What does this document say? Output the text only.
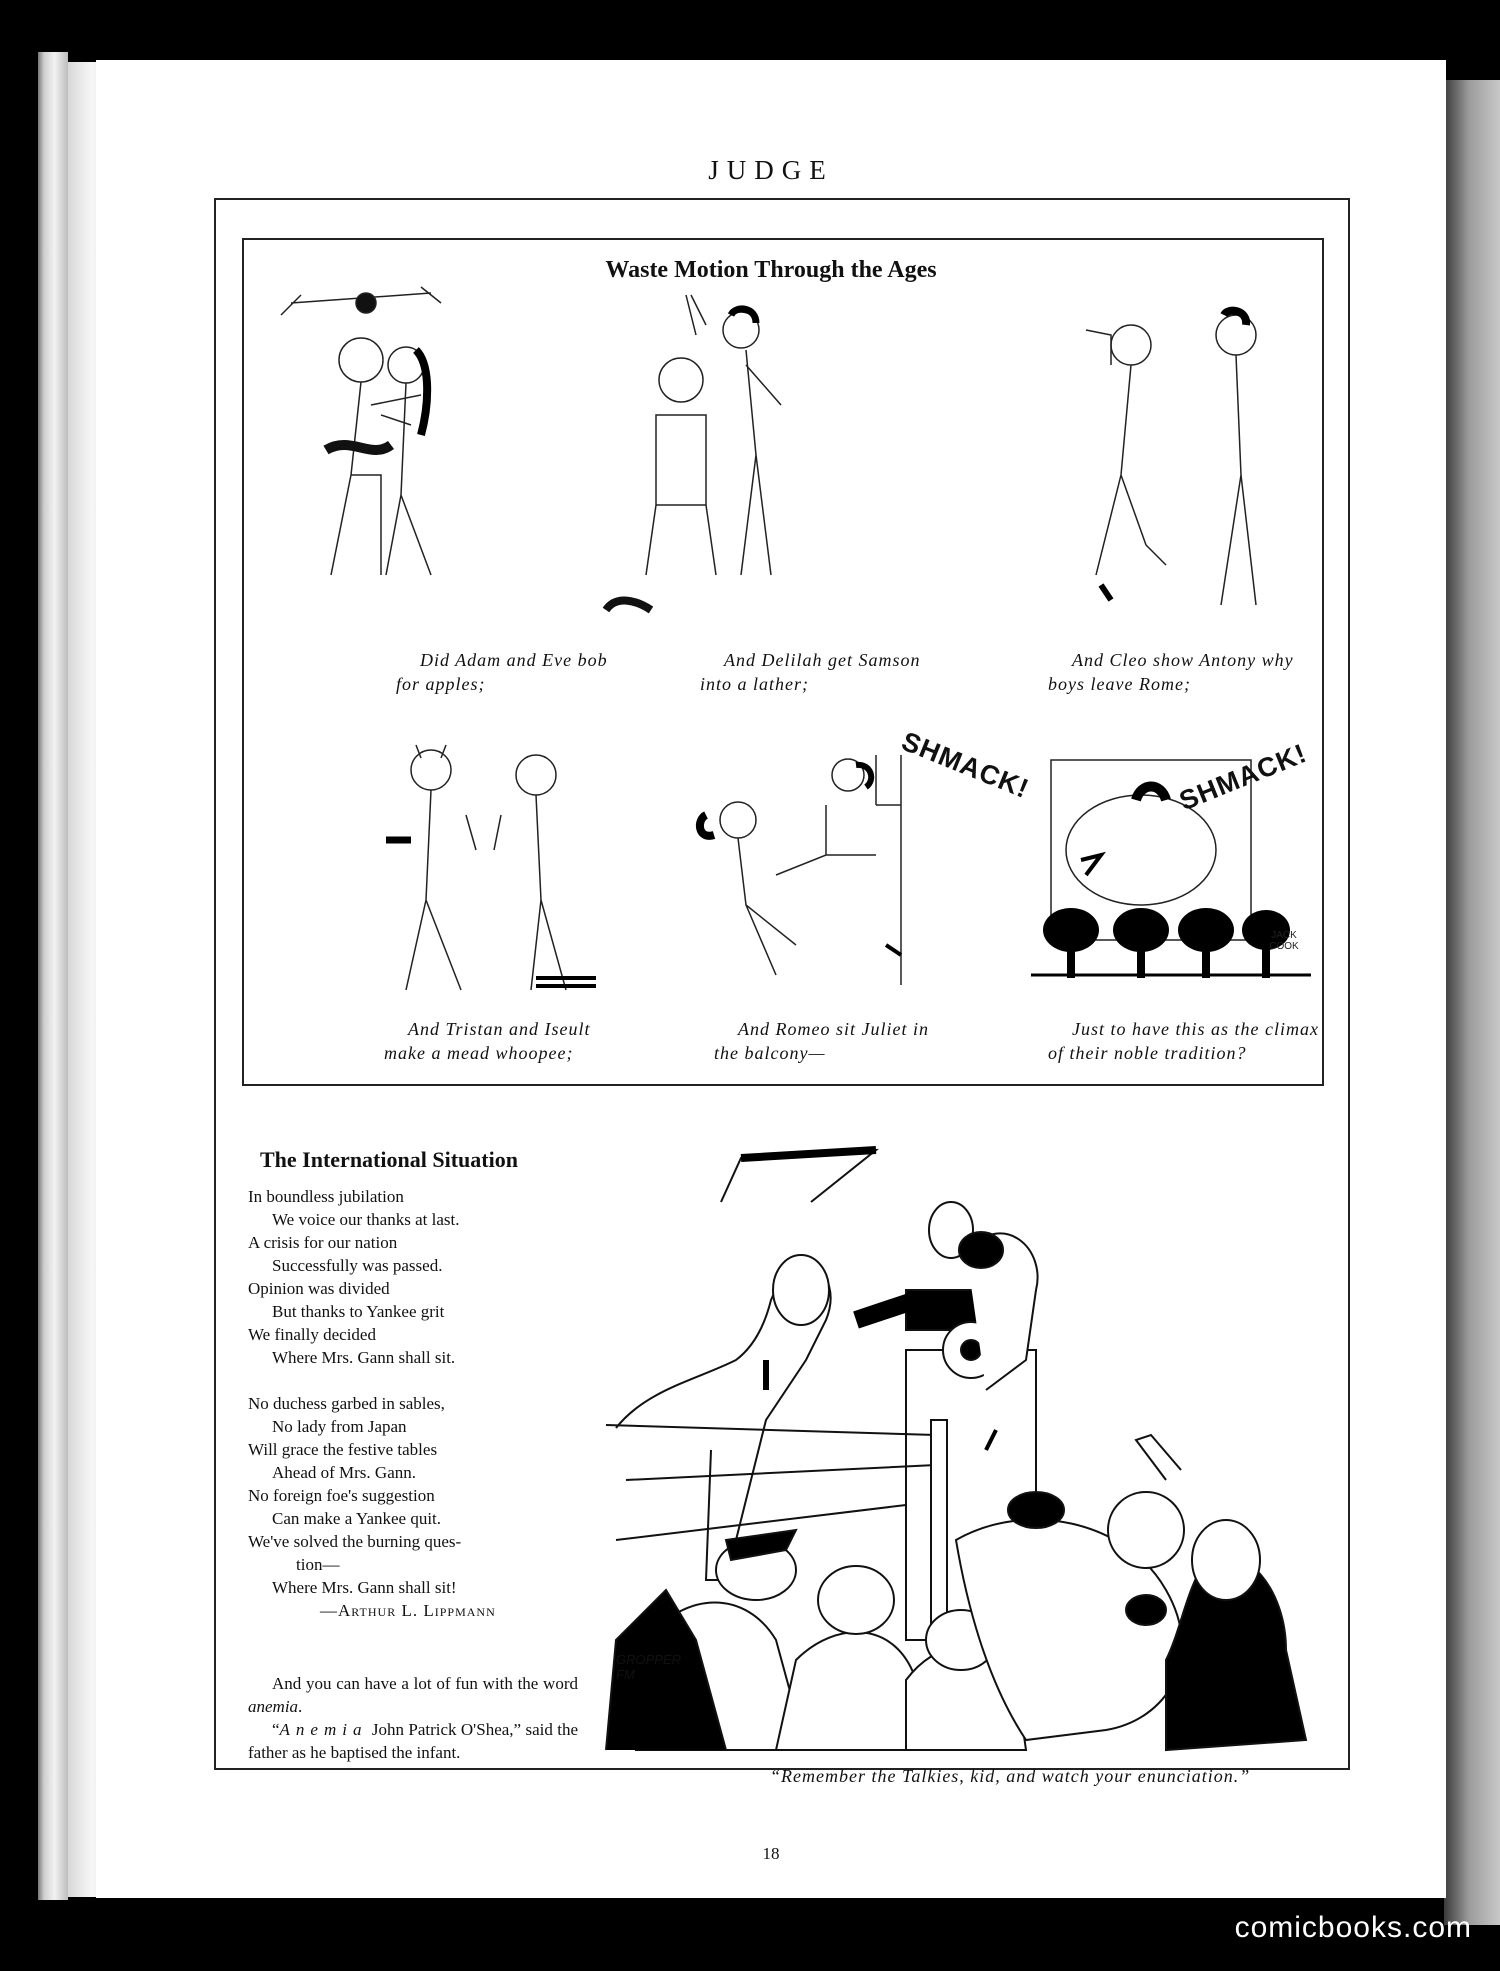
JUDGE
Waste Motion Through the Ages
Did Adam and Eve bob
for apples;
And Delilah get Samson
into a lather;
And Cleo show Antony why
boys leave Rome;
And Tristan and Iseult
make a mead whoopee;
And Romeo sit Juliet in
the balcony—
SHMACK!	SHMACK!
JACK COOK
Just to have this as the climax
of their noble tradition?
The International Situation
In boundless jubilation
We voice our thanks at last.
A crisis for our nation
Successfully was passed.
Opinion was divided
But thanks to Yankee grit
We finally decided
Where Mrs. Gann shall sit.
No duchess garbed in sables,
No lady from Japan
Will grace the festive tables
Ahead of Mrs. Gann.
No foreign foe's suggestion
Can make a Yankee quit.
We've solved the burning ques-
tion—
Where Mrs. Gann shall sit!
—Arthur L. Lippmann

And you can have a lot of fun with the word anemia.

“Anemia John Patrick O'Shea,” said the father as he baptised the infant.

GROPPER FM
“Remember the Talkies, kid, and watch your enunciation.”
18
comicbooks.com
